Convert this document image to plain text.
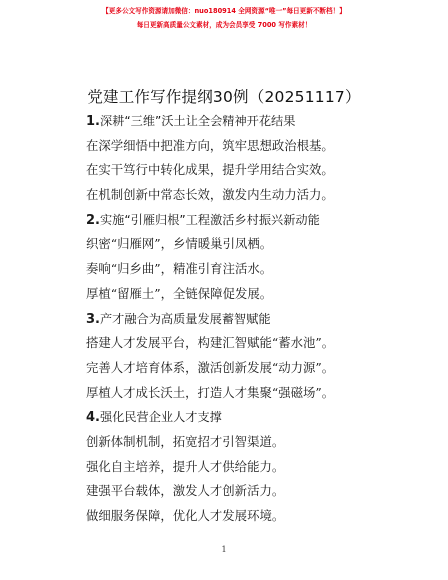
【更多公文写作资源请加微信：nuo180914 全网资源“唯一”每日更新不断档！】
每日更新高质量公文素材，成为会员享受 7000 写作素材！
党建工作写作提纲30例（20251117）
1.深耕“三维”沃土让全会精神开花结果
在深学细悟中把准方向，筑牢思想政治根基。
在实干笃行中转化成果，提升学用结合实效。
在机制创新中常态长效，激发内生动力活力。
2.实施“引雁归根”工程激活乡村振兴新动能
织密“归雁网”，乡情暖巢引凤栖。
奏响“归乡曲”，精准引育注活水。
厚植“留雁土”，全链保障促发展。
3.产才融合为高质量发展蓄智赋能
搭建人才发展平台，构建汇智赋能“蓄水池”。
完善人才培育体系，激活创新发展“动力源”。
厚植人才成长沃土，打造人才集聚“强磁场”。
4.强化民营企业人才支撑
创新体制机制，拓宽招才引智渠道。
强化自主培养，提升人才供给能力。
建强平台载体，激发人才创新活力。
做细服务保障，优化人才发展环境。
1
